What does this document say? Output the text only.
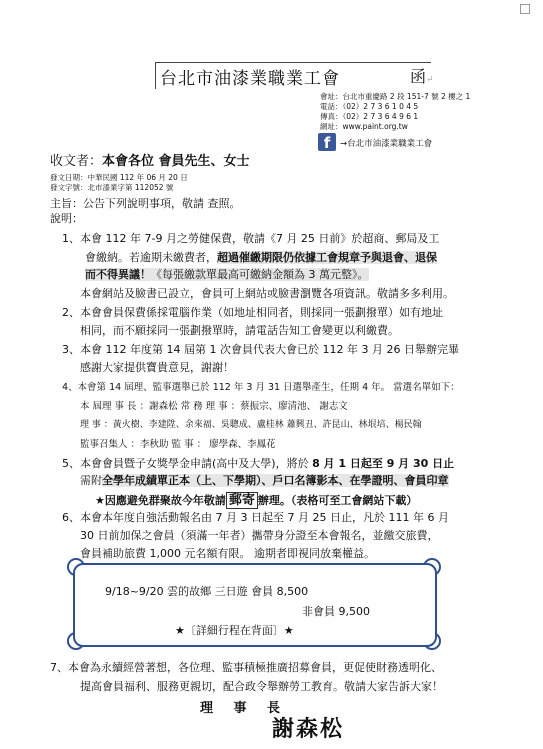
台北市油漆業職業工會	函↵
會址：台北市重慶路 2 段 151-7 號 2 樓之 1
電話：（02）2 7 3 6 1 0 4 5
傳真：（02）2 7 3 6 4 9 6 1
網址：www.paint.org.tw
f	→台北市油漆業職業工會
收文者：本會各位 會員先生、女士
發文日期：中華民國 112 年 06 月 20 日
發文字號：北市漆業字第 112052 號
主旨：公告下列說明事項，敬請 查照。
說明：
1、本會 112 年 7-9 月之勞健保費，敬請《7 月 25 日前》於超商、郵局及工
會繳納。若逾期未繳費者，超過催繳期限仍依據工會規章予與退會、退保
而不得異議！《每張繳款單最高可繳納金額為 3 萬元整》。
本會網站及臉書已設立，會員可上網站或臉書瀏覽各項資訊。敬請多多利用。
2、本會會員保費係採電腦作業（如地址相同者，則採同一張劃撥單）如有地址
相同，而不願採同一張劃撥單時，請電話告知工會變更以利繳費。
3、本會 112 年度第 14 屆第 1 次會員代表大會已於 112 年 3 月 26 日舉辦完畢
感謝大家提供寶貴意見，謝謝！
4、本會第 14 屆理、監事選舉已於 112 年 3 月 31 日選舉產生，任期 4 年。 當選名單如下：
本 屆理 事 長 ：謝森松 常 務 理 事 ：蔡振宗、廖清池、 謝志文
理 事 ：黃火樹、李建陞、余來福、吳聰成、盧桂林 蕭興丑、許昆山、林垠培、楊民翰
監事召集人 ：李秋助 監 事 ： 廖學森、李鳳花
5、本會會員暨子女獎學金申請(高中及大學)，將於 8 月 1 日起至 9 月 30 日止
需附全學年成績單正本（上、下學期）、戶口名簿影本、在學證明、會員印章
★因應避免群聚故今年敬請 郵寄 辦理。（表格可至工會網站下載）
6、本會本年度自強活動報名由 7 月 3 日起至 7 月 25 日止，凡於 111 年 6 月
30 日前加保之會員（須滿一年者）攜帶身分證至本會報名，並繳交旅費，
會員補助旅費 1,000 元名額有限。 逾期者即視同放棄權益。
9/18~9/20 雲的故鄉 三日遊 會員 8,500
非會員 9,500
★〔詳細行程在背面〕★
7、本會為永續經營著想，各位理、監事積極推廣招募會員，更促使財務透明化、
提高會員福利、服務更親切，配合政令舉辦勞工教育。敬請大家告訴大家！
理 事 長
謝森松
